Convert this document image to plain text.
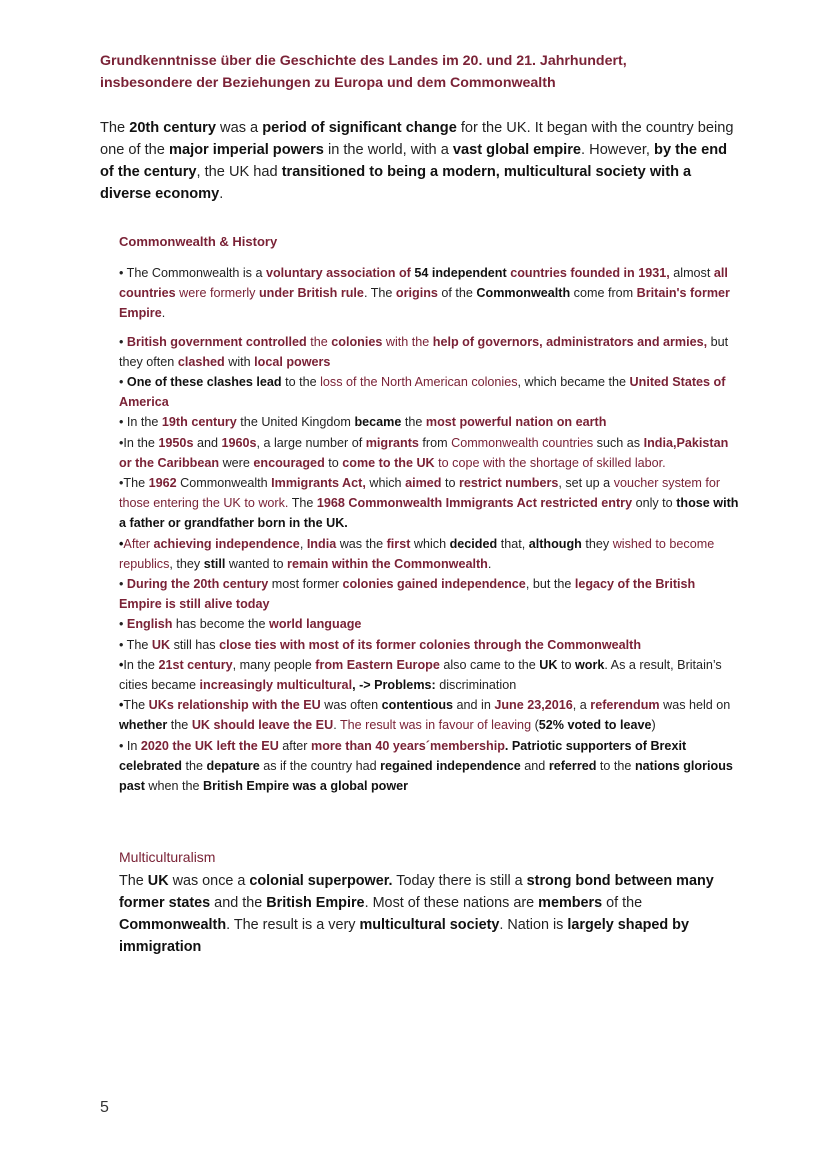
Grundkenntnisse über die Geschichte des Landes im 20. und 21. Jahrhundert,
insbesondere der Beziehungen zu Europa und dem Commonwealth
The 20th century was a period of significant change for the UK. It began with the country being one of the major imperial powers in the world, with a vast global empire. However, by the end of the century, the UK had transitioned to being a modern, multicultural society with a diverse economy.
Commonwealth & History

• The Commonwealth is a voluntary association of 54 independent countries founded in 1931, almost all countries were formerly under British rule. The origins of the Commonwealth come from Britain's former Empire.

• British government controlled the colonies with the help of governors, administrators and armies, but they often clashed with local powers

• One of these clashes lead to the loss of the North American colonies, which became the United States of America

• In the 19th century the United Kingdom became the most powerful nation on earth

•In the 1950s and 1960s, a large number of migrants from Commonwealth countries such as India,Pakistan or the Caribbean were encouraged to come to the UK to cope with the shortage of skilled labor.

•The 1962 Commonwealth Immigrants Act, which aimed to restrict numbers, set up a voucher system for those entering the UK to work. The 1968 Commonwealth Immigrants Act restricted entry only to those with a father or grandfather born in the UK.

•After achieving independence, India was the first which decided that, although they wished to become republics, they still wanted to remain within the Commonwealth.

• During the 20th century most former colonies gained independence, but the legacy of the British Empire is still alive today

• English has become the world language

• The UK still has close ties with most of its former colonies through the Commonwealth

•In the 21st century, many people from Eastern Europe also came to the UK to work. As a result, Britain’s cities became increasingly multicultural, -> Problems: discrimination

•The UKs relationship with the EU was often contentious and in June 23,2016, a referendum was held on whether the UK should leave the EU. The result was in favour of leaving (52% voted to leave)

• In 2020 the UK left the EU after more than 40 years´membership. Patriotic supporters of Brexit celebrated the depature as if the country had regained independence and referred to the nations glorious past when the British Empire was a global power

Multiculturalism
The UK was once a colonial superpower. Today there is still a strong bond between many former states and the British Empire. Most of these nations are members of the Commonwealth. The result is a very multicultural society. Nation is largely shaped by immigration
5
